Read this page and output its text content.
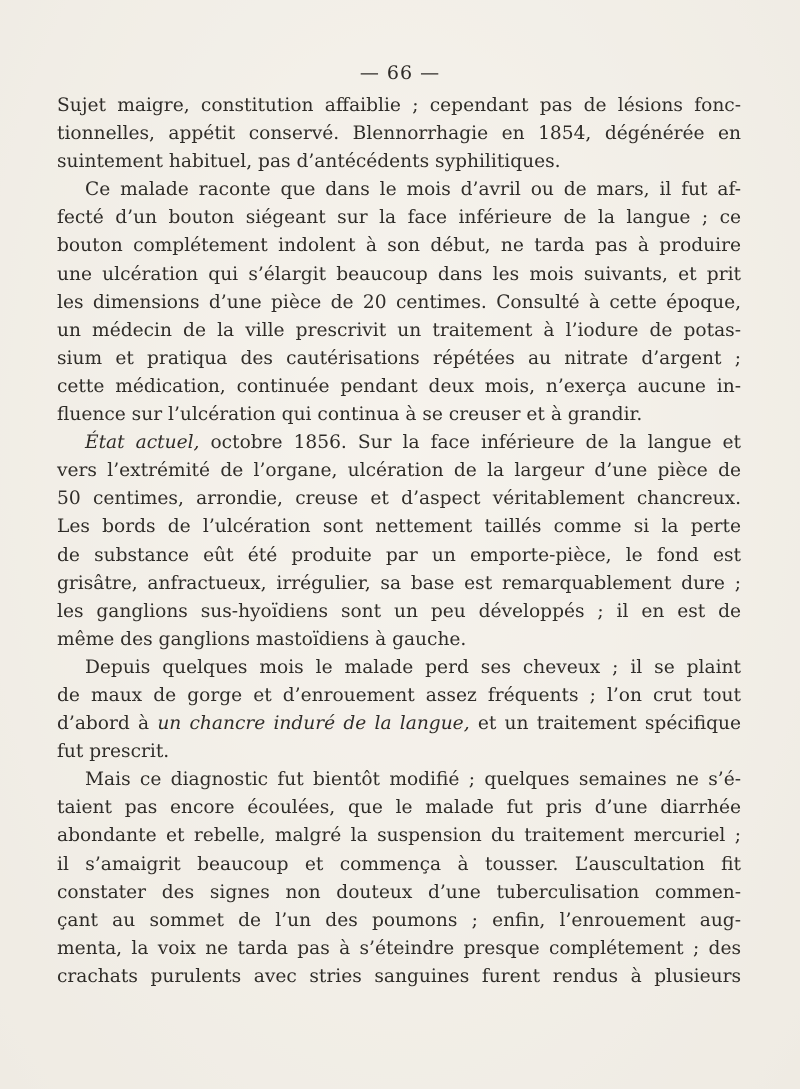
— 66 —
Sujet maigre, constitution affaiblie ; cependant pas de lésions fonc-
tionnelles, appétit conservé. Blennorrhagie en 1854, dégénérée en
suintement habituel, pas d’antécédents syphilitiques.
Ce malade raconte que dans le mois d’avril ou de mars, il fut af-
fecté d’un bouton siégeant sur la face inférieure de la langue ; ce
bouton complétement indolent à son début, ne tarda pas à produire
une ulcération qui s’élargit beaucoup dans les mois suivants, et prit
les dimensions d’une pièce de 20 centimes. Consulté à cette époque,
un médecin de la ville prescrivit un traitement à l’iodure de potas-
sium et pratiqua des cautérisations répétées au nitrate d’argent ;
cette médication, continuée pendant deux mois, n’exerça aucune in-
fluence sur l’ulcération qui continua à se creuser et à grandir.
État actuel, octobre 1856. Sur la face inférieure de la langue et
vers l’extrémité de l’organe, ulcération de la largeur d’une pièce de
50 centimes, arrondie, creuse et d’aspect véritablement chancreux.
Les bords de l’ulcération sont nettement taillés comme si la perte
de substance eût été produite par un emporte-pièce, le fond est
grisâtre, anfractueux, irrégulier, sa base est remarquablement dure ;
les ganglions sus-hyoïdiens sont un peu développés ; il en est de
même des ganglions mastoïdiens à gauche.
Depuis quelques mois le malade perd ses cheveux ; il se plaint
de maux de gorge et d’enrouement assez fréquents ; l’on crut tout
d’abord à un chancre induré de la langue, et un traitement spécifique
fut prescrit.
Mais ce diagnostic fut bientôt modifié ; quelques semaines ne s’é-
taient pas encore écoulées, que le malade fut pris d’une diarrhée
abondante et rebelle, malgré la suspension du traitement mercuriel ;
il s’amaigrit beaucoup et commença à tousser. L’auscultation fit
constater des signes non douteux d’une tuberculisation commen-
çant au sommet de l’un des poumons ; enfin, l’enrouement aug-
menta, la voix ne tarda pas à s’éteindre presque complétement ; des
crachats purulents avec stries sanguines furent rendus à plusieurs
